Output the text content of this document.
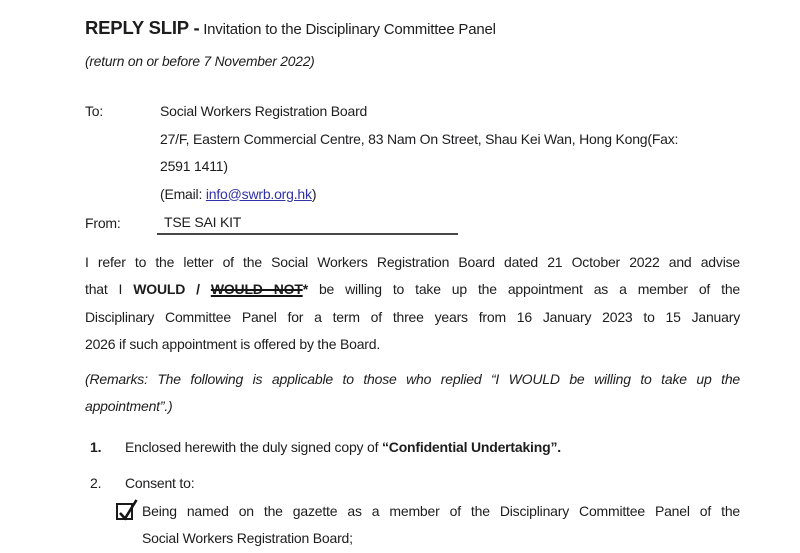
REPLY SLIP - Invitation to the Disciplinary Committee Panel
(return on or before 7 November 2022)
To:	Social Workers Registration Board
27/F, Eastern Commercial Centre, 83 Nam On Street, Shau Kei Wan, Hong Kong(Fax:
2591 1411)
(Email: info@swrb.org.hk)
From:	TSE SAI KIT
I refer to the letter of the Social Workers Registration Board dated 21 October 2022 and advise
that I WOULD / WOULD NOT* be willing to take up the appointment as a member of the
Disciplinary Committee Panel for a term of three years from 16 January 2023 to 15 January
2026 if such appointment is offered by the Board.
(Remarks: The following is applicable to those who replied “I WOULD be willing to take up the
appointment”.)
1.	Enclosed herewith the duly signed copy of “Confidential Undertaking”.
2.	Consent to:
Being named on the gazette as a member of the Disciplinary Committee Panel of the
Social Workers Registration Board;
